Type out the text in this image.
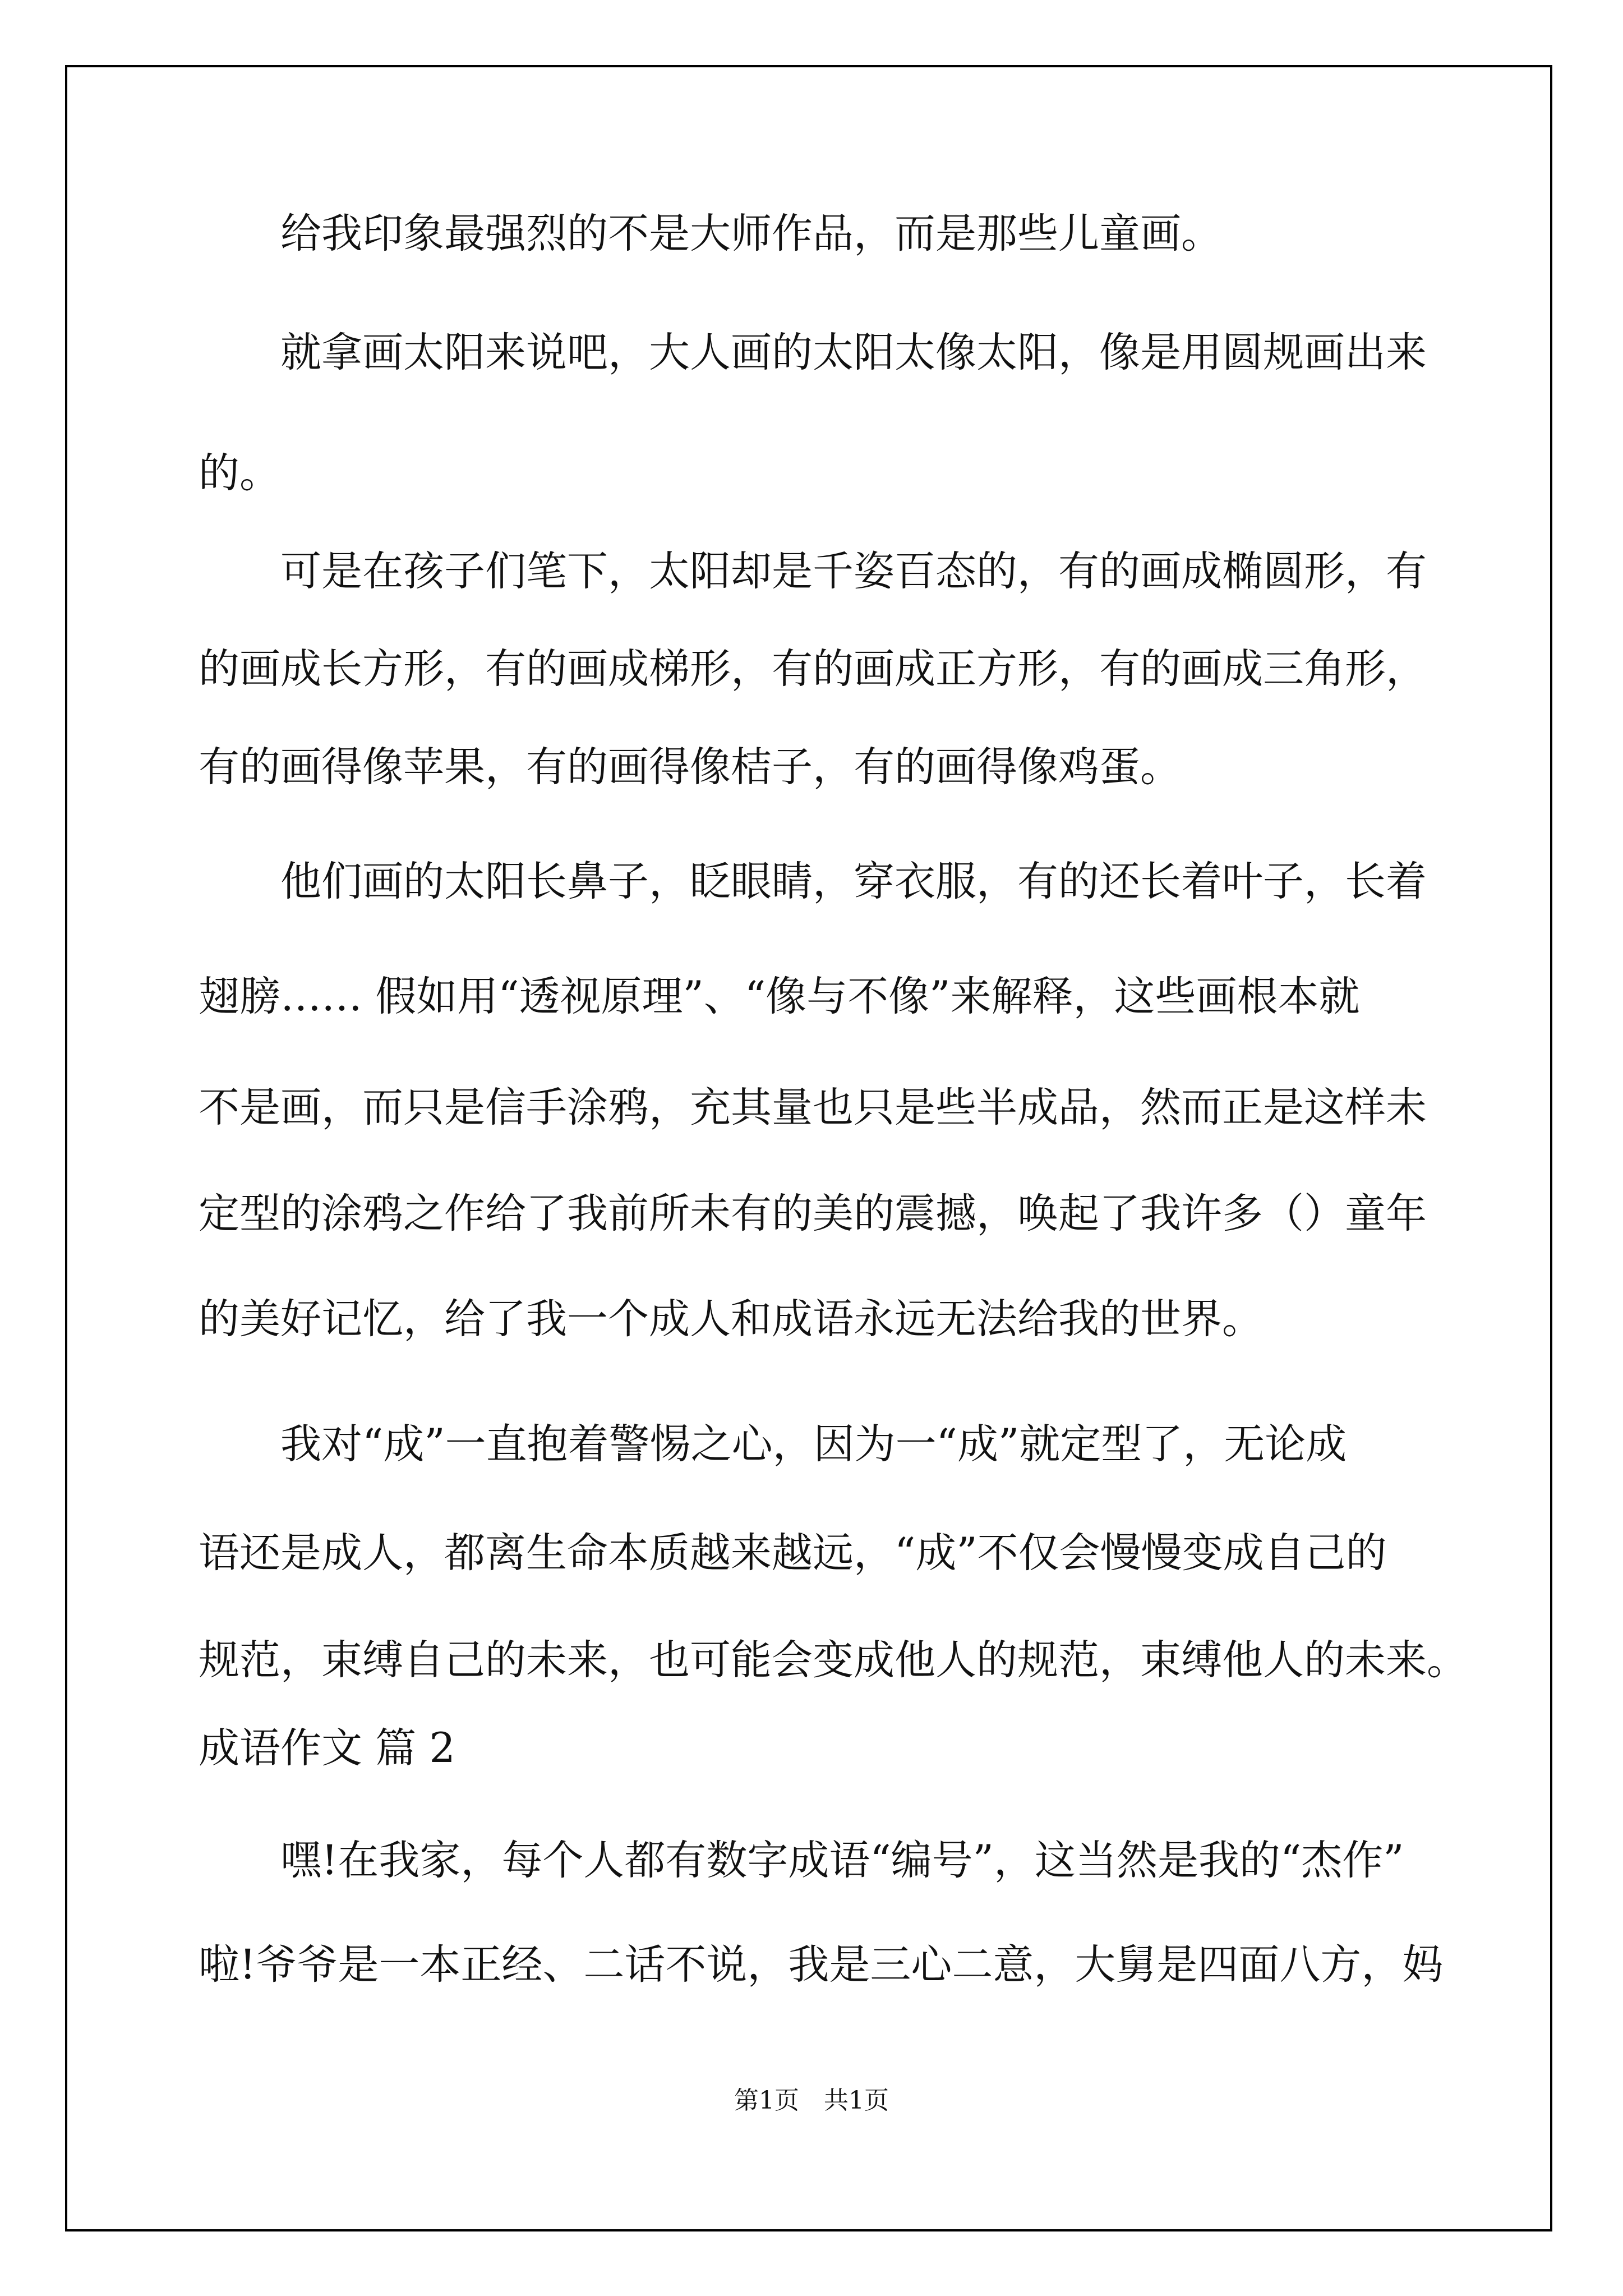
给我印象最强烈的不是大师作品，而是那些儿童画。
就拿画太阳来说吧，大人画的太阳太像太阳，像是用圆规画出来
的。
可是在孩子们笔下，太阳却是千姿百态的，有的画成椭圆形，有
的画成长方形，有的画成梯形，有的画成正方形，有的画成三角形，
有的画得像苹果，有的画得像桔子，有的画得像鸡蛋。
他们画的太阳长鼻子，眨眼睛，穿衣服，有的还长着叶子，长着
翅膀…… 假如用“透视原理”、“像与不像”来解释，这些画根本就
不是画，而只是信手涂鸦，充其量也只是些半成品，然而正是这样未
定型的涂鸦之作给了我前所未有的美的震撼，唤起了我许多（）童年
的美好记忆，给了我一个成人和成语永远无法给我的世界。
我对“成”一直抱着警惕之心，因为一“成”就定型了，无论成
语还是成人，都离生命本质越来越远，“成”不仅会慢慢变成自己的
规范，束缚自己的未来，也可能会变成他人的规范，束缚他人的未来。
成语作文 篇 2
嘿!在我家，每个人都有数字成语“编号”，这当然是我的“杰作”
啦!爷爷是一本正经、二话不说，我是三心二意，大舅是四面八方，妈
第1页　共1页
